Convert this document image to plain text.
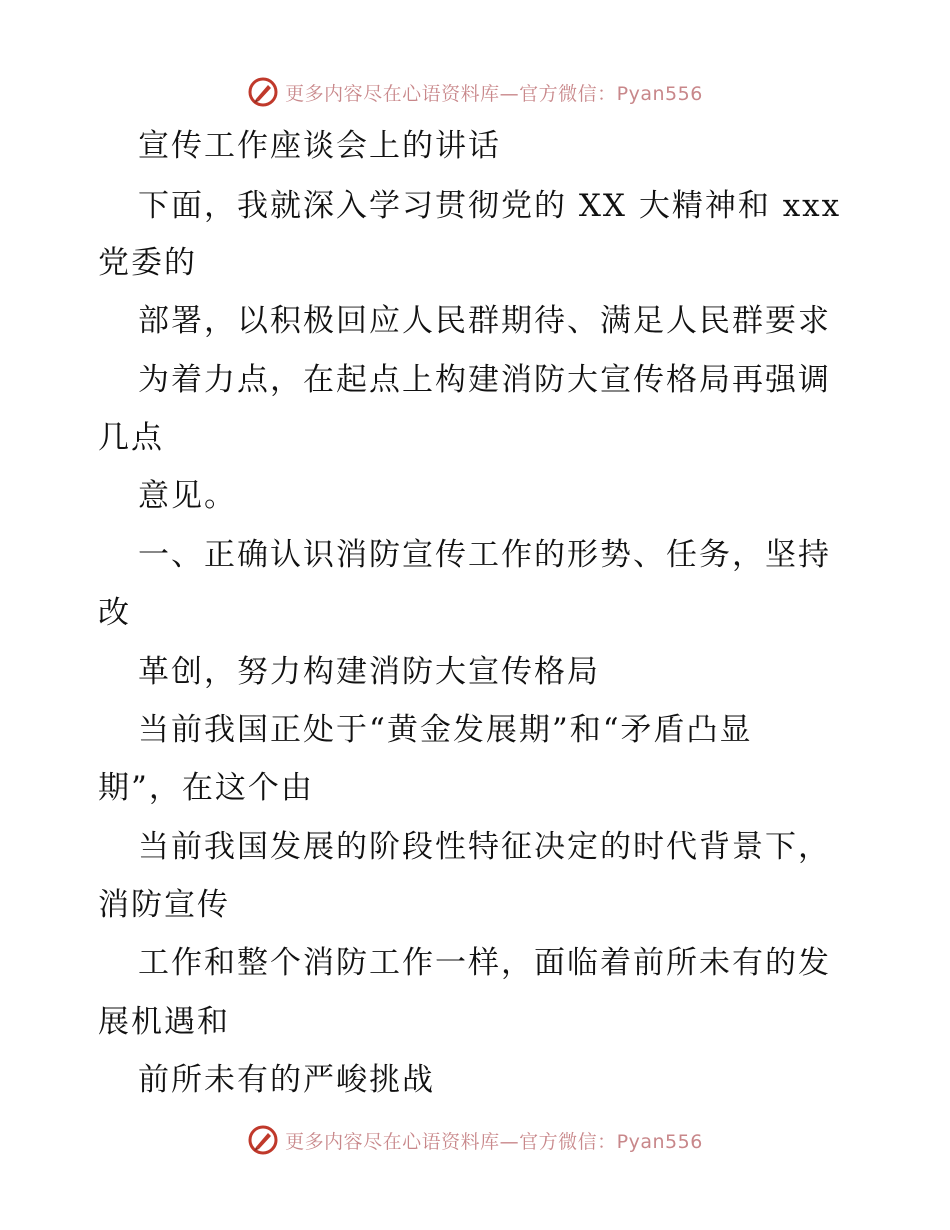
更多内容尽在心语资料库—官方微信：Pyan556
宣传工作座谈会上的讲话
下面，我就深入学习贯彻党的 XX 大精神和 xxx
党委的
部署，以积极回应人民群期待、满足人民群要求
为着力点，在起点上构建消防大宣传格局再强调
几点
意见。
一、正确认识消防宣传工作的形势、任务，坚持
改
革创，努力构建消防大宣传格局
当前我国正处于“黄金发展期”和“矛盾凸显
期”，在这个由
当前我国发展的阶段性特征决定的时代背景下，
消防宣传
工作和整个消防工作一样，面临着前所未有的发
展机遇和
前所未有的严峻挑战
更多内容尽在心语资料库—官方微信：Pyan556
